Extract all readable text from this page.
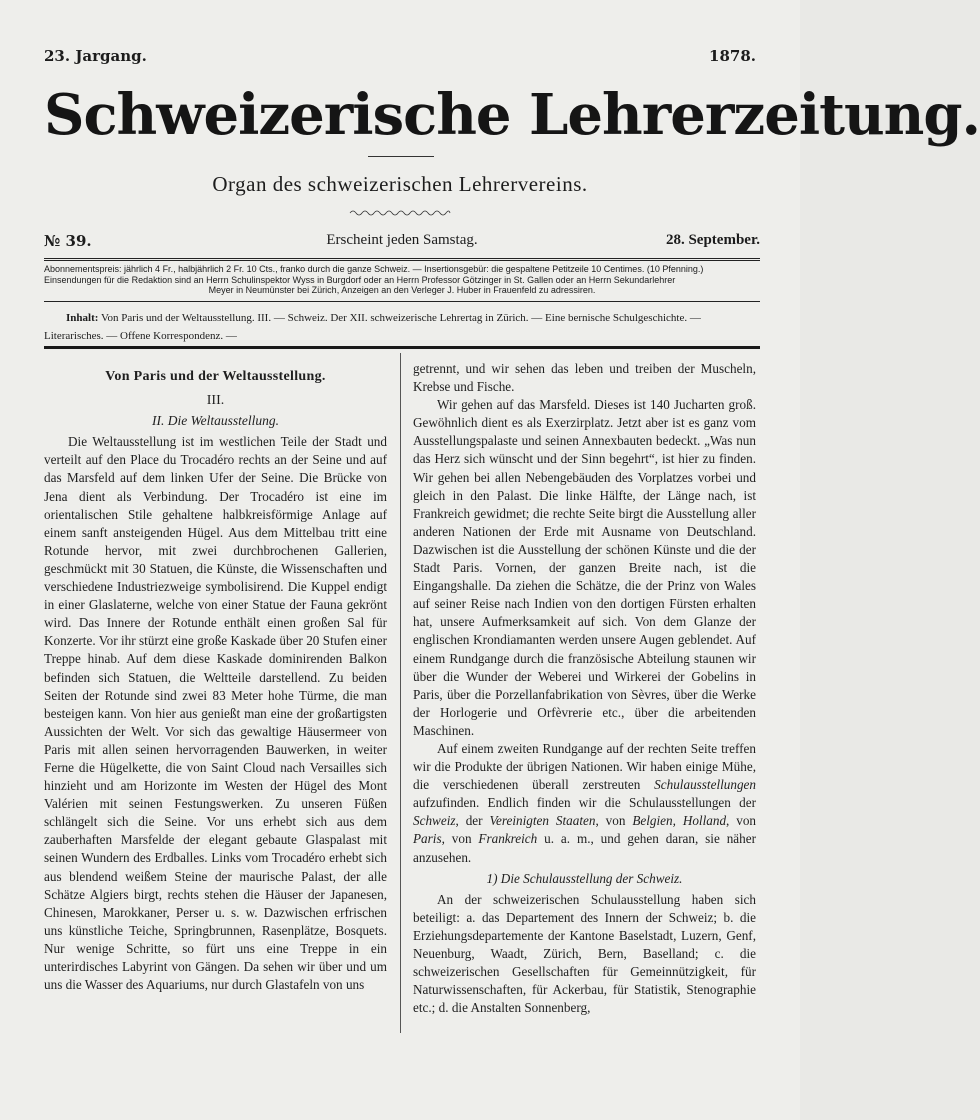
23. Jargang.	1878.
Schweizerische Lehrerzeitung.
Organ des schweizerischen Lehrervereins.
№ 39.	Erscheint jeden Samstag.	28. September.
Abonnementspreis: jährlich 4 Fr., halbjährlich 2 Fr. 10 Cts., franko durch die ganze Schweiz. — Insertionsgebür: die gespaltene Petitzeile 10 Centimes. (10 Pfenning.)
Einsendungen für die Redaktion sind an Herrn Schulinspektor Wyss in Burgdorf oder an Herrn Professor Götzinger in St. Gallen oder an Herrn Sekundarlehrer
Meyer in Neumünster bei Zürich, Anzeigen an den Verleger J. Huber in Frauenfeld zu adressiren.
Inhalt: Von Paris und der Weltausstellung. III. — Schweiz. Der XII. schweizerische Lehrertag in Zürich. — Eine bernische Schulgeschichte. — Literarisches. — Offene Korrespondenz. —
Von Paris und der Weltausstellung.
III.
II. Die Weltausstellung.

Die Weltausstellung ist im westlichen Teile der Stadt und verteilt auf den Place du Trocadéro rechts an der Seine und auf das Marsfeld auf dem linken Ufer der Seine. Die Brücke von Jena dient als Verbindung. Der Trocadéro ist eine im orientalischen Stile gehaltene halbkreisförmige Anlage auf einem sanft ansteigenden Hügel. Aus dem Mittelbau tritt eine Rotunde hervor, mit zwei durchbrochenen Gallerien, geschmückt mit 30 Statuen, die Künste, die Wissenschaften und verschiedene Industriezweige symbolisirend. Die Kuppel endigt in einer Glaslaterne, welche von einer Statue der Fauna gekrönt wird. Das Innere der Rotunde enthält einen großen Sal für Konzerte. Vor ihr stürzt eine große Kaskade über 20 Stufen einer Treppe hinab. Auf dem diese Kaskade dominirenden Balkon befinden sich Statuen, die Weltteile darstellend. Zu beiden Seiten der Rotunde sind zwei 83 Meter hohe Türme, die man besteigen kann. Von hier aus genießt man eine der großartigsten Aussichten der Welt. Vor sich das gewaltige Häusermeer von Paris mit allen seinen hervorragenden Bauwerken, in weiter Ferne die Hügelkette, die von Saint Cloud nach Versailles sich hinzieht und am Horizonte im Westen der Hügel des Mont Valérien mit seinen Festungswerken. Zu unseren Füßen schlängelt sich die Seine. Vor uns erhebt sich aus dem zauberhaften Marsfelde der elegant gebaute Glaspalast mit seinen Wundern des Erdballes. Links vom Trocadéro erhebt sich aus blendend weißem Steine der maurische Palast, der alle Schätze Algiers birgt, rechts stehen die Häuser der Japanesen, Chinesen, Marokkaner, Perser u. s. w. Dazwischen erfrischen uns künstliche Teiche, Springbrunnen, Rasenplätze, Bosquets. Nur wenige Schritte, so fürt uns eine Treppe in ein unterirdisches Labyrint von Gängen. Da sehen wir über und um uns die Wasser des Aquariums, nur durch Glastafeln von uns

getrennt, und wir sehen das leben und treiben der Muscheln, Krebse und Fische.

Wir gehen auf das Marsfeld. Dieses ist 140 Jucharten groß. Gewöhnlich dient es als Exerzirplatz. Jetzt aber ist es ganz vom Ausstellungspalaste und seinen Annexbauten bedeckt. „Was nun das Herz sich wünscht und der Sinn begehrt“, ist hier zu finden. Wir gehen bei allen Nebengebäuden des Vorplatzes vorbei und gleich in den Palast. Die linke Hälfte, der Länge nach, ist Frankreich gewidmet; die rechte Seite birgt die Ausstellung aller anderen Nationen der Erde mit Ausname von Deutschland. Dazwischen ist die Ausstellung der schönen Künste und die der Stadt Paris. Vornen, der ganzen Breite nach, ist die Eingangshalle. Da ziehen die Schätze, die der Prinz von Wales auf seiner Reise nach Indien von den dortigen Fürsten erhalten hat, unsere Aufmerksamkeit auf sich. Von dem Glanze der englischen Krondiamanten werden unsere Augen geblendet. Auf einem Rundgange durch die französische Abteilung staunen wir über die Wunder der Weberei und Wirkerei der Gobelins in Paris, über die Porzellanfabrikation von Sèvres, über die Werke der Horlogerie und Orfèvrerie etc., über die arbeitenden Maschinen.

Auf einem zweiten Rundgange auf der rechten Seite treffen wir die Produkte der übrigen Nationen. Wir haben einige Mühe, die verschiedenen überall zerstreuten Schulausstellungen aufzufinden. Endlich finden wir die Schulausstellungen der Schweiz, der Vereinigten Staaten, von Belgien, Holland, von Paris, von Frankreich u. a. m., und gehen daran, sie näher anzusehen.

1) Die Schulausstellung der Schweiz.

An der schweizerischen Schulausstellung haben sich beteiligt: a. das Departement des Innern der Schweiz; b. die Erziehungsdepartemente der Kantone Baselstadt, Luzern, Genf, Neuenburg, Waadt, Zürich, Bern, Baselland; c. die schweizerischen Gesellschaften für Gemeinnützigkeit, für Naturwissenschaften, für Ackerbau, für Statistik, Stenographie etc.; d. die Anstalten Sonnenberg,
